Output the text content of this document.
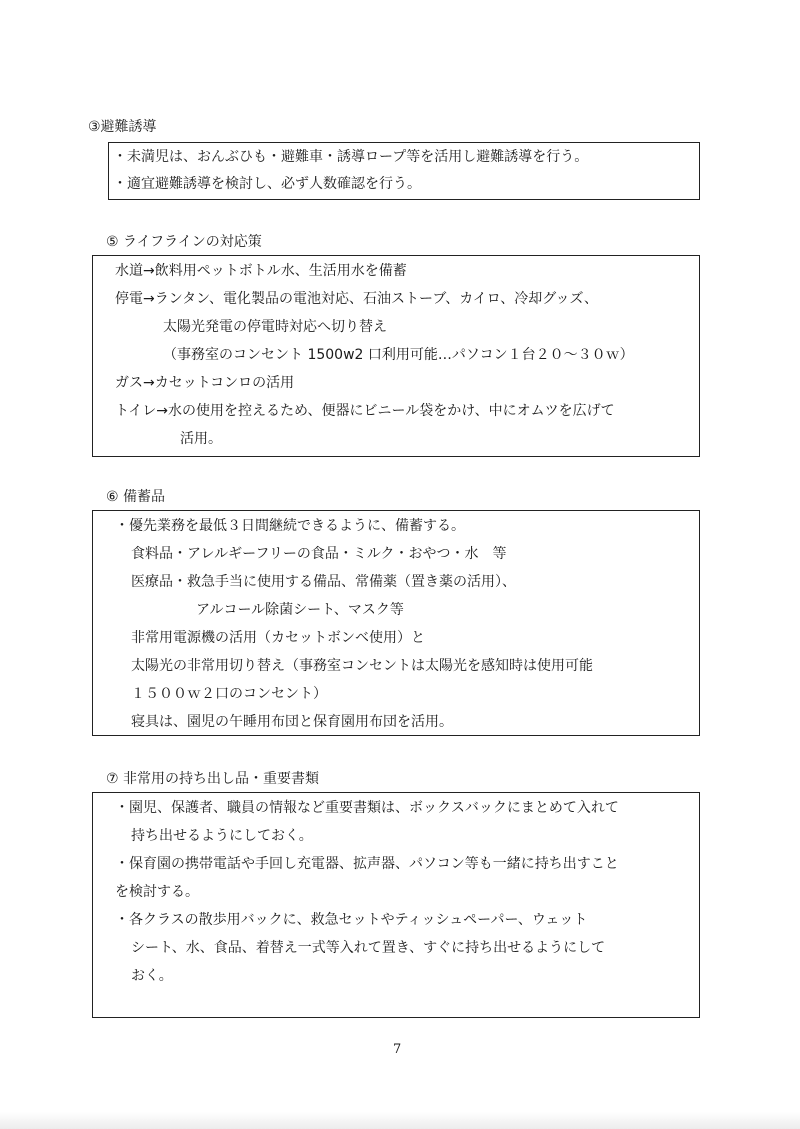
③避難誘導
・未満児は、おんぶひも・避難車・誘導ロープ等を活用し避難誘導を行う。
・適宜避難誘導を検討し、必ず人数確認を行う。
⑤ ライフラインの対応策
水道→飲料用ペットボトル水、生活用水を備蓄
停電→ランタン、電化製品の電池対応、石油ストーブ、カイロ、冷却グッズ、
太陽光発電の停電時対応へ切り替え
（事務室のコンセント 1500w2 口利用可能…パソコン１台２０～３０ｗ）
ガス→カセットコンロの活用
トイレ→水の使用を控えるため、便器にビニール袋をかけ、中にオムツを広げて
活用。
⑥ 備蓄品
・優先業務を最低３日間継続できるように、備蓄する。
食料品・アレルギーフリーの食品・ミルク・おやつ・水　等
医療品・救急手当に使用する備品、常備薬（置き薬の活用）、
アルコール除菌シート、マスク等
非常用電源機の活用（カセットボンベ使用）と
太陽光の非常用切り替え（事務室コンセントは太陽光を感知時は使用可能
１５００ｗ２口のコンセント）
寝具は、園児の午睡用布団と保育園用布団を活用。
⑦ 非常用の持ち出し品・重要書類
・園児、保護者、職員の情報など重要書類は、ボックスバックにまとめて入れて
持ち出せるようにしておく。
・保育園の携帯電話や手回し充電器、拡声器、パソコン等も一緒に持ち出すこと
を検討する。
・各クラスの散歩用バックに、救急セットやティッシュペーパー、ウェット
シート、水、食品、着替え一式等入れて置き、すぐに持ち出せるようにして
おく。
7
